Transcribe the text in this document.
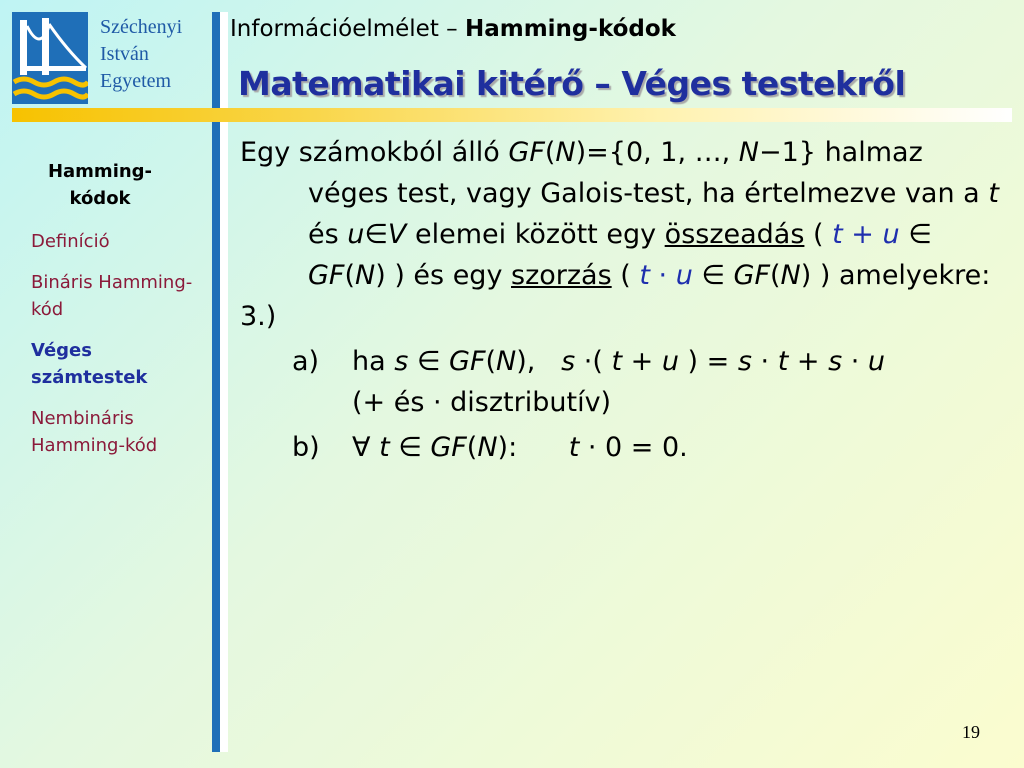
Széchenyi
István
Egyetem
Információelmélet – Hamming-kódok
Matematikai kitérő – Véges testekről
Hamming-kódok
Definíció
Bináris Hamming-kód
Véges számtestek
Nembináris Hamming-kód
Egy számokból álló GF(N)={0, 1, …, N−1} halmaz véges test, vagy Galois-test, ha értelmezve van a t és u∈V elemei között egy összeadás ( t + u ∈ GF(N) ) és egy szorzás ( t · u ∈ GF(N) ) amelyekre:
3.)
a) ha s ∈ GF(N),   s ·( t + u ) = s · t + s · u
(+ és · disztributív)
b) ∀ t ∈ GF(N): t · 0 = 0.
19
